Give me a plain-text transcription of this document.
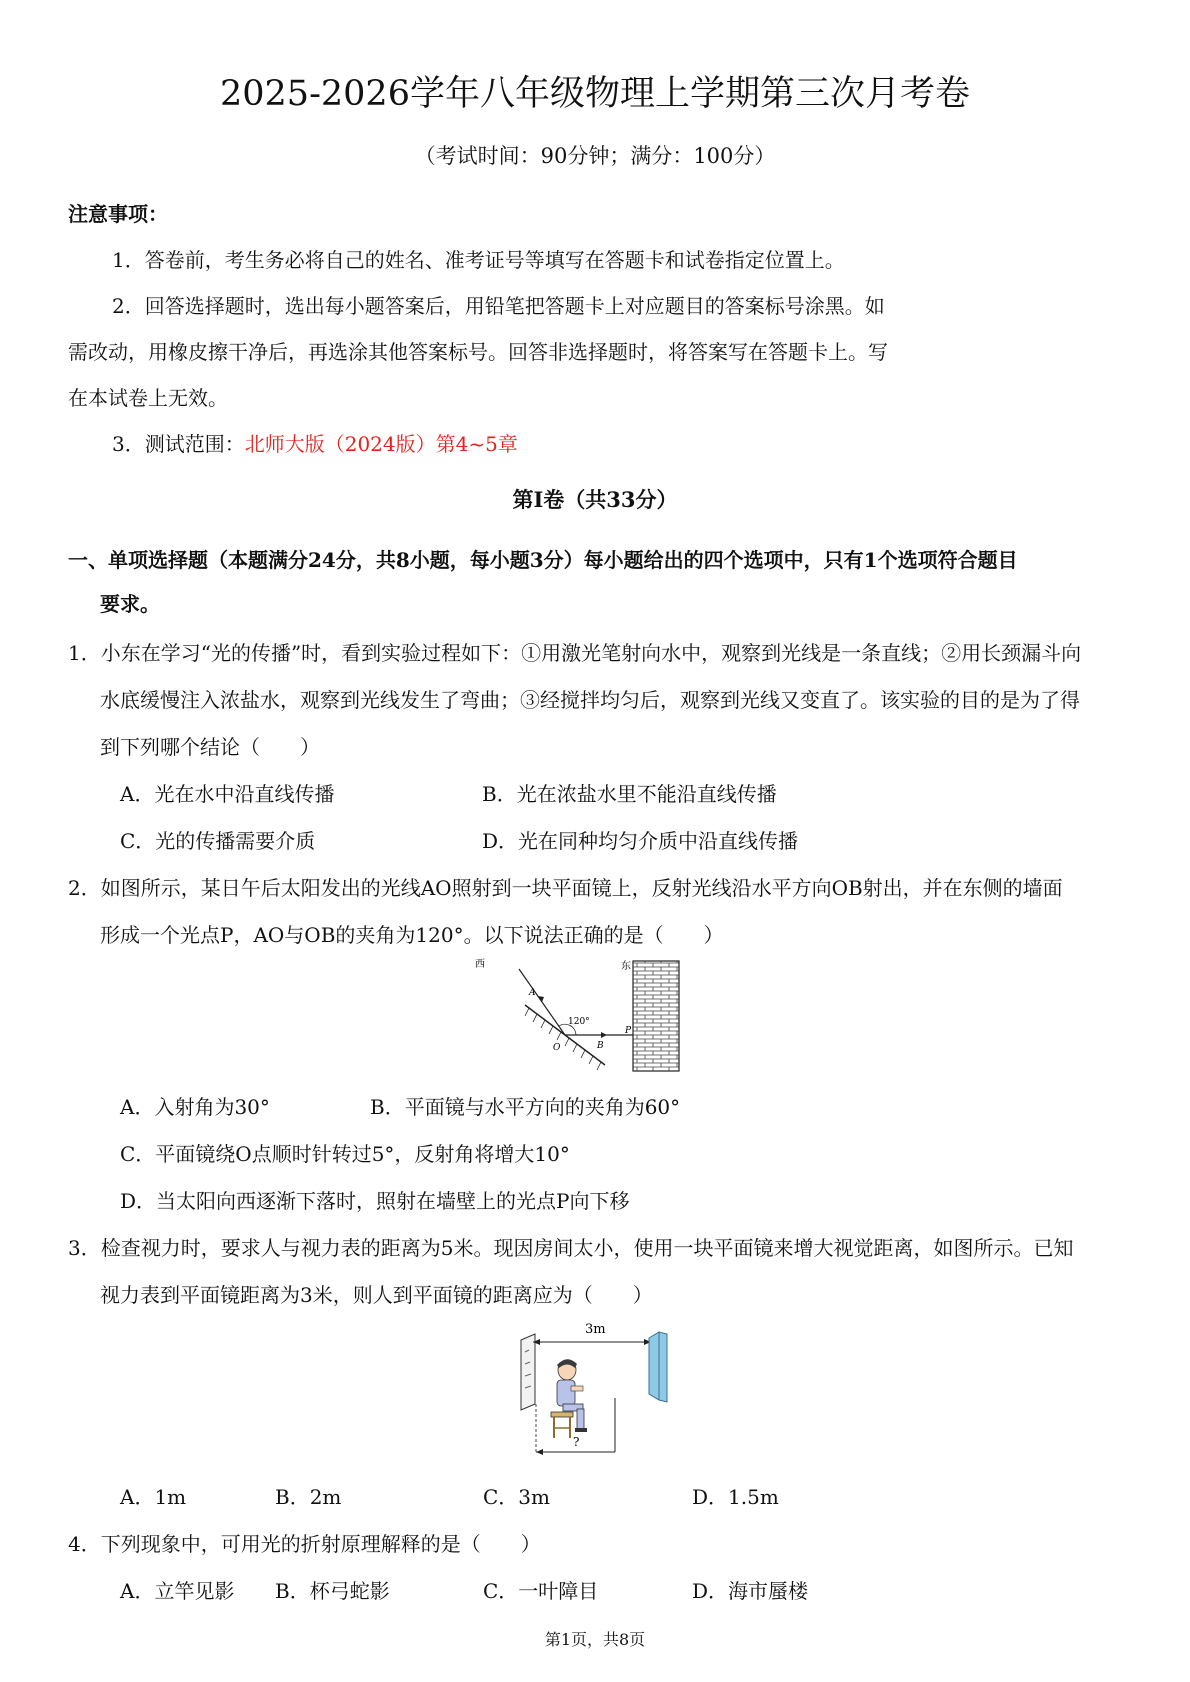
2025-2026学年八年级物理上学期第三次月考卷
（考试时间：90分钟；满分：100分）
注意事项：
1．答卷前，考生务必将自己的姓名、准考证号等填写在答题卡和试卷指定位置上。
2．回答选择题时，选出每小题答案后，用铅笔把答题卡上对应题目的答案标号涂黑。如
需改动，用橡皮擦干净后，再选涂其他答案标号。回答非选择题时，将答案写在答题卡上。写
在本试卷上无效。
3．测试范围：北师大版（2024版）第4~5章
第I卷（共33分）
一、单项选择题（本题满分24分，共8小题，每小题3分）每小题给出的四个选项中，只有1个选项符合题目
要求。
1．小东在学习“光的传播”时，看到实验过程如下：①用激光笔射向水中，观察到光线是一条直线；②用长颈漏斗向
水底缓慢注入浓盐水，观察到光线发生了弯曲；③经搅拌均匀后，观察到光线又变直了。该实验的目的是为了得
到下列哪个结论（　　）
A．光在水中沿直线传播	B．光在浓盐水里不能沿直线传播
C．光的传播需要介质	D．光在同种均匀介质中沿直线传播
2．如图所示，某日午后太阳发出的光线AO照射到一块平面镜上，反射光线沿水平方向OB射出，并在东侧的墙面
形成一个光点P，AO与OB的夹角为120°。以下说法正确的是（　　）
西	东
A
O	B
P
120°
A．入射角为30°	B．平面镜与水平方向的夹角为60°
C．平面镜绕O点顺时针转过5°，反射角将增大10°
D．当太阳向西逐渐下落时，照射在墙壁上的光点P向下移
3．检查视力时，要求人与视力表的距离为5米。现因房间太小，使用一块平面镜来增大视觉距离，如图所示。已知
视力表到平面镜距离为3米，则人到平面镜的距离应为（　　）
3m
?
A．1m	B．2m	C．3m	D．1.5m
4．下列现象中，可用光的折射原理解释的是（　　）
A．立竿见影 B．杯弓蛇影	C．一叶障目	D．海市蜃楼
第1页，共8页
